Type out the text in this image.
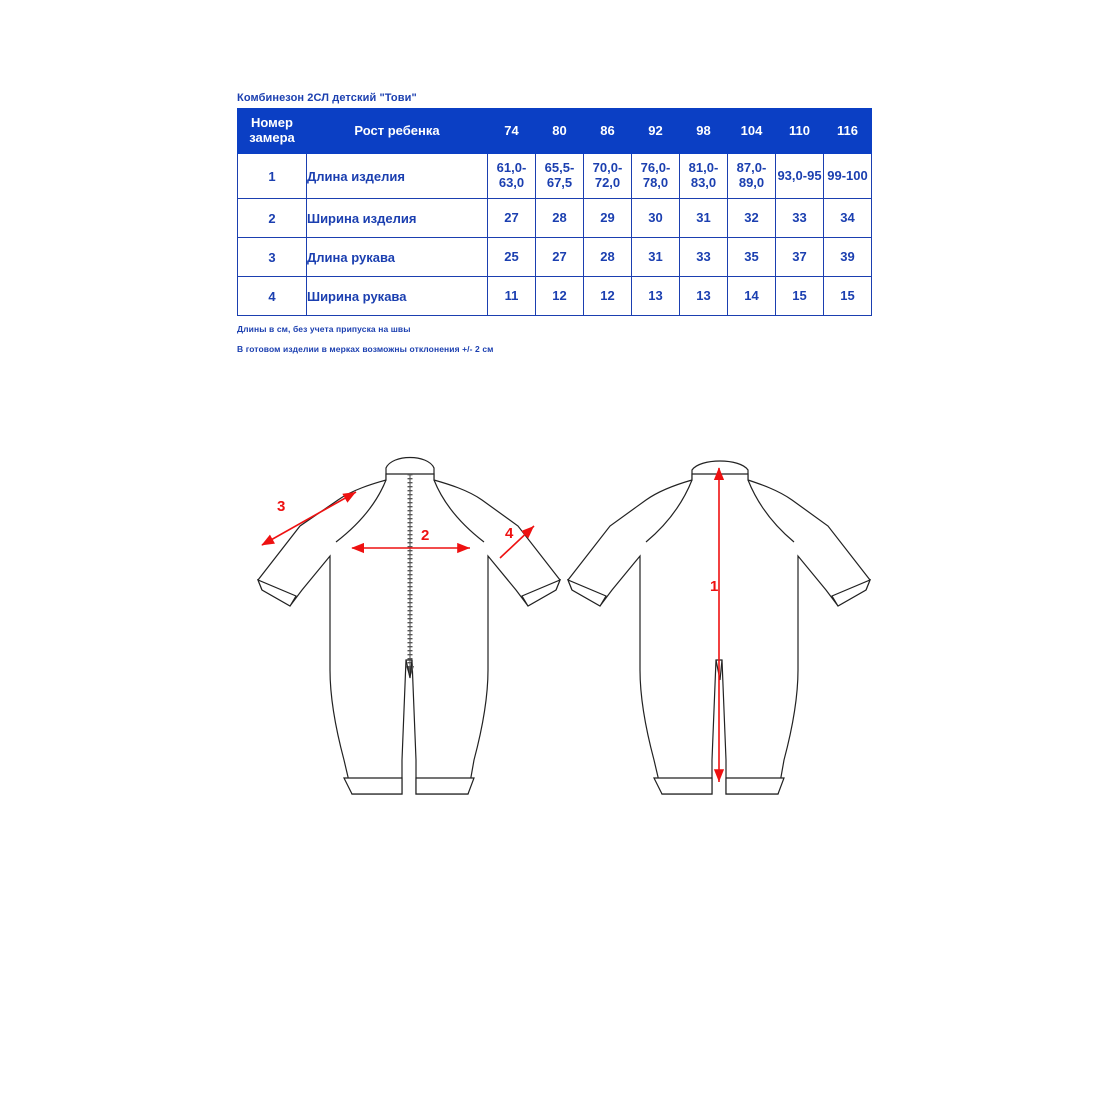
Комбинезон 2СЛ детский "Тови"
Номер
замера	Рост ребенка	74	80	86	92	98	104	110	116
1	Длина изделия	61,0-63,0	65,5-67,5	70,0-72,0	76,0-78,0	81,0-83,0	87,0-89,0	93,0-95	99-100
2	Ширина изделия	27	28	29	30	31	32	33	34
3	Длина рукава	25	27	28	31	33	35	37	39
4	Ширина рукава	11	12	12	13	13	14	15	15
Длины в см, без учета припуска на швы
В готовом изделии в мерках возможны отклонения +/- 2 см
3
2	4
1
